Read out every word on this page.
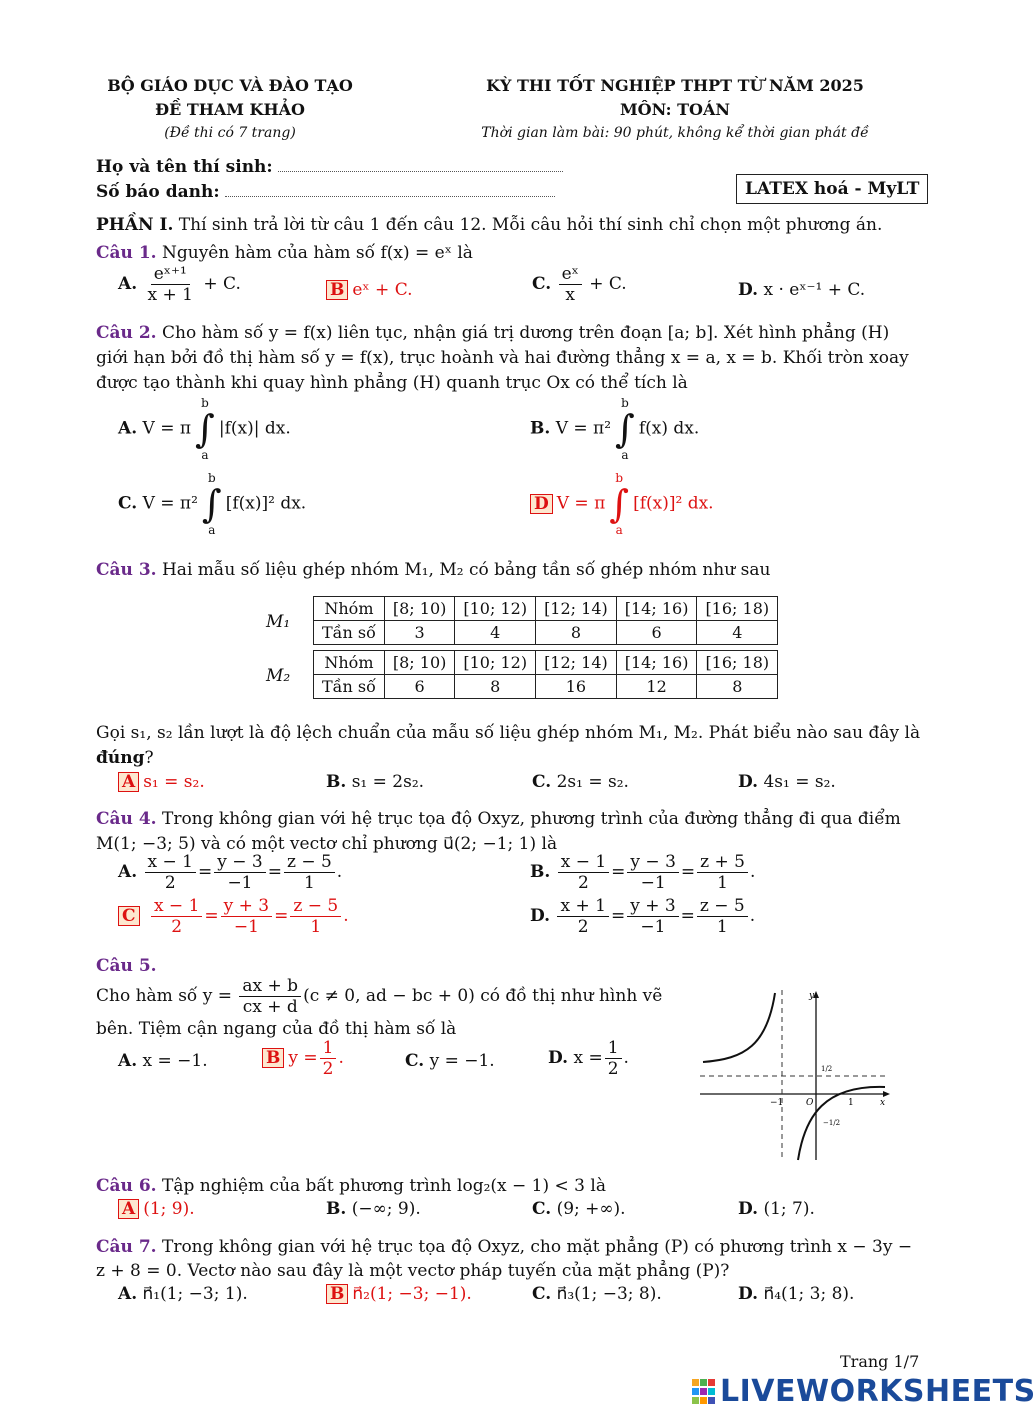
BỘ GIÁO DỤC VÀ ĐÀO TẠO
ĐỀ THAM KHẢO
(Đề thi có 7 trang)
KỲ THI TỐT NGHIỆP THPT TỪ NĂM 2025
MÔN: TOÁN
Thời gian làm bài: 90 phút, không kể thời gian phát đề
Họ và tên thí sinh:
Số báo danh:	LATEX hoá - MyLT
PHẦN I. Thí sinh trả lời từ câu 1 đến câu 12. Mỗi câu hỏi thí sinh chỉ chọn một phương án.
Câu 1. Nguyên hàm của hàm số f(x) = eˣ là
A. $\frac{\text{eˣ⁺¹}}{x + 1} + C$.	B eˣ + C.	C. $\frac{\text{eˣ}}{x} + C$.	D. x · eˣ⁻¹ + C.
Câu 2. Cho hàm số y = f(x) liên tục, nhận giá trị dương trên đoạn [a; b]. Xét hình phẳng (H)
giới hạn bởi đồ thị hàm số y = f(x), trục hoành và hai đường thẳng x = a, x = b. Khối tròn xoay
được tạo thành khi quay hình phẳng (H) quanh trục Ox có thể tích là
A. V = π
b
∫
a
|f(x)| dx.	B. V = π²
b
∫
a
f(x) dx.
C. V = π²
b
∫
a
[f(x)]² dx.	D V = π
b
∫
a
[f(x)]² dx.
Câu 3. Hai mẫu số liệu ghép nhóm M₁, M₂ có bảng tần số ghép nhóm như sau
M₁
M₂
Nhóm	[8; 10)	[10; 12)	[12; 14)	[14; 16)	[16; 18)
Tần số	3	4	8	6	4
Nhóm	[8; 10)	[10; 12)	[12; 14)	[14; 16)	[16; 18)
Tần số	6	8	16	12	8
Gọi s₁, s₂ lần lượt là độ lệch chuẩn của mẫu số liệu ghép nhóm M₁, M₂. Phát biểu nào sau đây là
đúng?
A s₁ = s₂.	B. s₁ = 2s₂.	C. 2s₁ = s₂.	D. 4s₁ = s₂.
Câu 4. Trong không gian với hệ trục tọa độ Oxyz, phương trình của đường thẳng đi qua điểm
M(1; −3; 5) và có một vectơ chỉ phương u⃗(2; −1; 1) là
A. $\frac{x - 1}{2} = \frac{y - 3}{-1} = \frac{z - 5}{1}$ .	B. $\frac{x - 1}{2} = \frac{y - 3}{-1} = \frac{z + 5}{1}$ .
C $\frac{x - 1}{2} = \frac{y + 3}{-1} = \frac{z - 5}{1}$ .	D. $\frac{x + 1}{2} = \frac{y + 3}{-1} = \frac{z - 5}{1}$ .
Câu 5.
Cho hàm số $y = \frac{ax + b}{cx + d} (c \ne 0$, ad − bc + 0) có đồ thị như hình vẽ
bên. Tiệm cận ngang của đồ thị hàm số là
A. x = −1.	B $y = \frac{1}{2}$ .	C. y = −1.	D. $x = \frac{1}{2}$ .
y
x
O
−1	1
1/2
−1/2
Câu 6. Tập nghiệm của bất phương trình log₂(x − 1) < 3 là
A (1; 9).	B. (−∞; 9).	C. (9; +∞).	D. (1; 7).
Câu 7. Trong không gian với hệ trục tọa độ Oxyz, cho mặt phẳng (P) có phương trình x − 3y −
z + 8 = 0. Vectơ nào sau đây là một vectơ pháp tuyến của mặt phẳng (P)?
A. n⃗₁(1; −3; 1).	B n⃗₂(1; −3; −1).	C. n⃗₃(1; −3; 8).	D. n⃗₄(1; 3; 8).
Trang 1/7
LIVEWORKSHEETS
